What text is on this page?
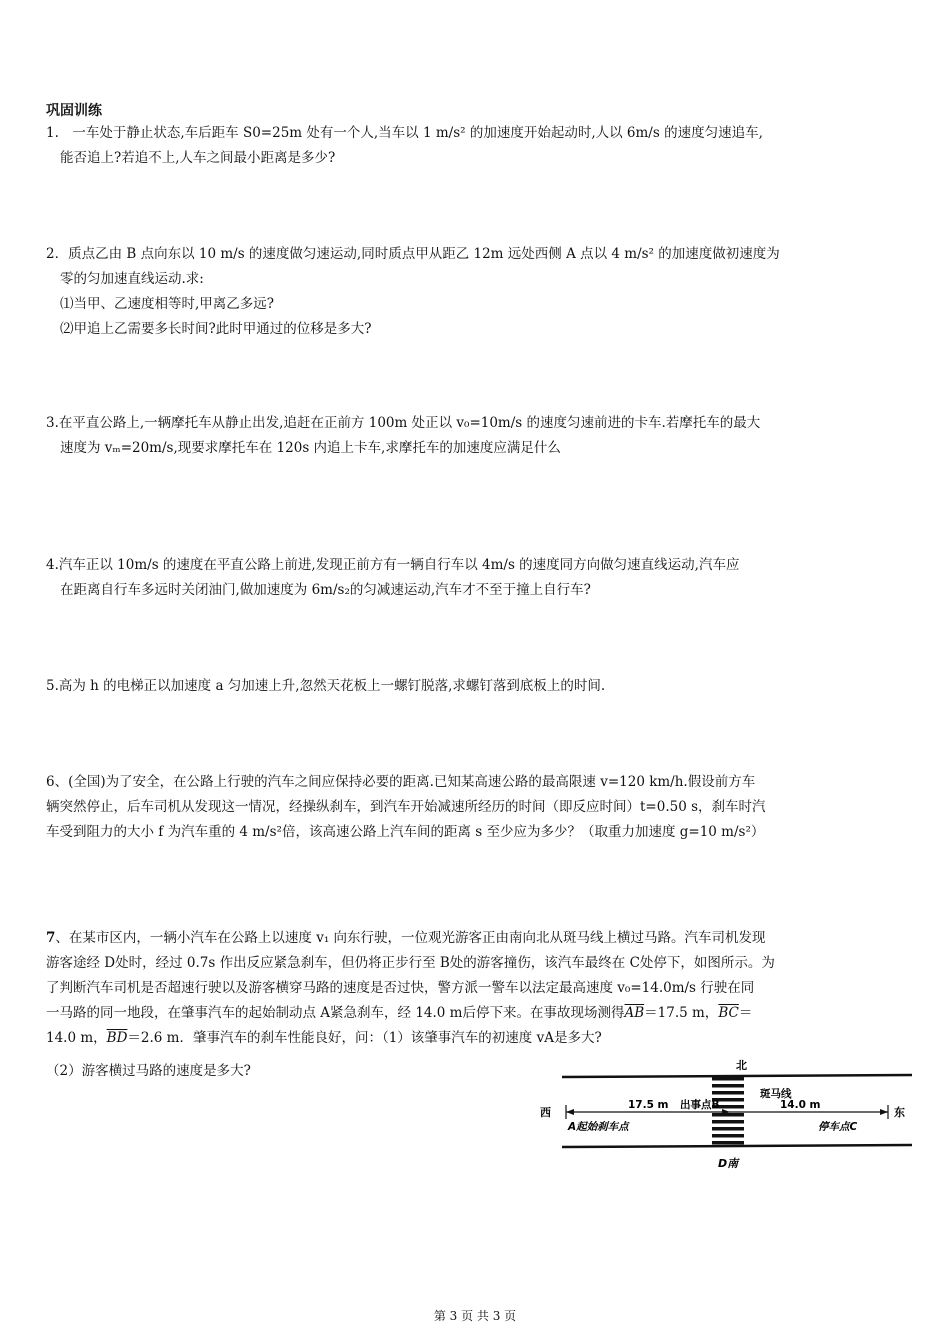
巩固训练
1.　一车处于静止状态,车后距车 S0=25m 处有一个人,当车以 1 m/s² 的加速度开始起动时,人以 6m/s 的速度匀速追车,
能否追上?若追不上,人车之间最小距离是多少?
2．质点乙由 B 点向东以 10 m/s 的速度做匀速运动,同时质点甲从距乙 12m 远处西侧 A 点以 4 m/s² 的加速度做初速度为
零的匀加速直线运动.求:
⑴当甲、乙速度相等时,甲离乙多远?
⑵甲追上乙需要多长时间?此时甲通过的位移是多大?
3.在平直公路上,一辆摩托车从静止出发,追赶在正前方 100m 处正以 v₀=10m/s 的速度匀速前进的卡车.若摩托车的最大
速度为 vₘ=20m/s,现要求摩托车在 120s 内追上卡车,求摩托车的加速度应满足什么
4.汽车正以 10m/s 的速度在平直公路上前进,发现正前方有一辆自行车以 4m/s 的速度同方向做匀速直线运动,汽车应
在距离自行车多远时关闭油门,做加速度为 6m/s₂的匀减速运动,汽车才不至于撞上自行车?
5.高为 h 的电梯正以加速度 a 匀加速上升,忽然天花板上一螺钉脱落,求螺钉落到底板上的时间.
6、(全国)为了安全，在公路上行驶的汽车之间应保持必要的距离.已知某高速公路的最高限速 v=120 km/h.假设前方车
辆突然停止，后车司机从发现这一情况，经操纵刹车，到汽车开始减速所经历的时间（即反应时间）t=0.50 s，刹车时汽
车受到阻力的大小 f 为汽车重的 4 m/s²倍，该高速公路上汽车间的距离 s 至少应为多少？（取重力加速度 g=10 m/s²）
7、在某市区内，一辆小汽车在公路上以速度 v₁ 向东行驶，一位观光游客正由南向北从斑马线上横过马路。汽车司机发现
游客途经 D处时，经过 0.7s 作出反应紧急刹车，但仍将正步行至 B处的游客撞伤，该汽车最终在 C处停下，如图所示。为
了判断汽车司机是否超速行驶以及游客横穿马路的速度是否过快，警方派一警车以法定最高速度 v₀=14.0m/s 行驶在同
一马路的同一地段，在肇事汽车的起始制动点 A紧急刹车，经 14.0 m后停下来。在事故现场测得$\overline{AB}=17.5$ m，$\overline{BC}=$
14.0 m，$\overline{BD}=2.6$ m．肇事汽车的刹车性能良好，问：（1）该肇事汽车的初速度 vA是多大?
（2）游客横过马路的速度是多大?	北
D南
西	东
斑马线
出事点B
17.5 m	14.0 m
A起始刹车点	停车点C
第 3 页 共 3 页
